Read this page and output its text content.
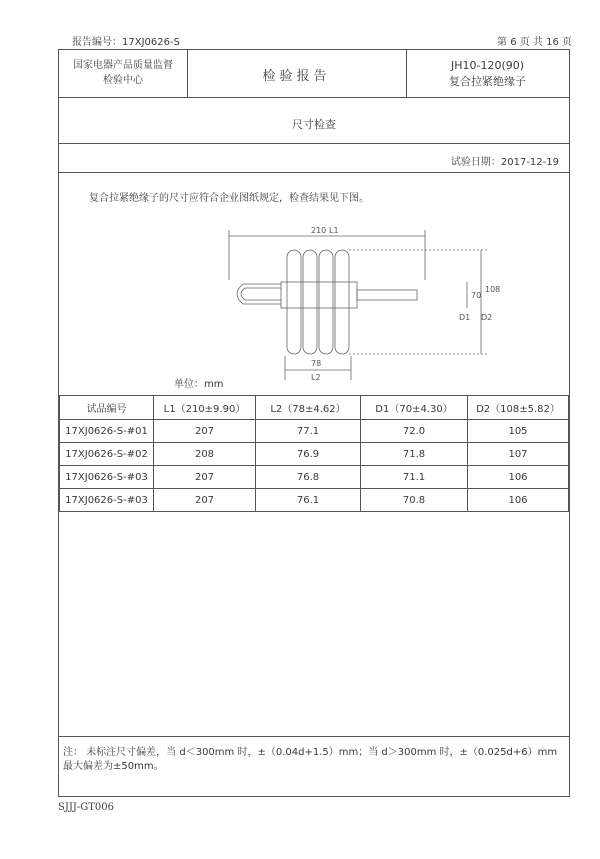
报告编号：17XJ0626-S	第 6 页 共 16 页
国家电器产品质量监督
检验中心	检验报告
JH10-120(90)
复合拉紧绝缘子
尺寸检查
试验日期：2017-12-19
复合拉紧绝缘子的尺寸应符合企业图纸规定，检查结果见下图。
210 L1
70
108
D1 D2
78
L2
单位：mm
试品编号	L1（210±9.90）	L2（78±4.62）	D1（70±4.30）	D2（108±5.82）
17XJ0626-S-#01	207	77.1	72.0	105
17XJ0626-S-#02	208	76.9	71.8	107
17XJ0626-S-#03	207	76.8	71.1	106
17XJ0626-S-#03	207	76.1	70.8	106
注： 未标注尺寸偏差，当 d＜300mm 时，±（0.04d+1.5）mm；当 d＞300mm 时，±（0.025d+6）mm 最大偏差为±50mm。
SJJJ-GT006
